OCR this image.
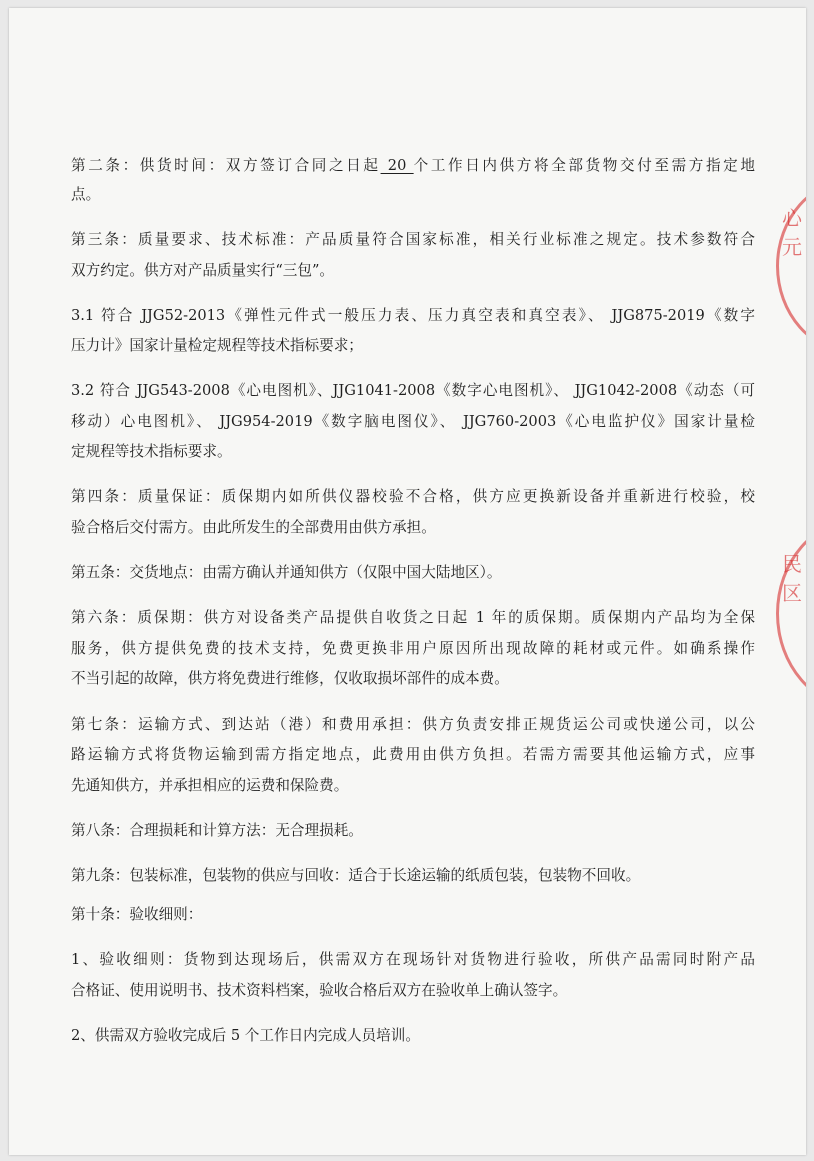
第二条：供货时间：双方签订合同之日起 20 个工作日内供方将全部货物交付至需方指定地
点。
第三条：质量要求、技术标准：产品质量符合国家标准，相关行业标准之规定。技术参数符合
双方约定。供方对产品质量实行“三包”。
3.1 符合 JJG52-2013《弹性元件式一般压力表、压力真空表和真空表》、 JJG875-2019《数字
压力计》国家计量检定规程等技术指标要求；
3.2 符合 JJG543-2008《心电图机》、JJG1041-2008《数字心电图机》、 JJG1042-2008《动态（可
移动）心电图机》、 JJG954-2019《数字脑电图仪》、 JJG760-2003《心电监护仪》国家计量检
定规程等技术指标要求。
第四条：质量保证：质保期内如所供仪器校验不合格，供方应更换新设备并重新进行校验，校
验合格后交付需方。由此所发生的全部费用由供方承担。
第五条：交货地点：由需方确认并通知供方（仅限中国大陆地区）。
第六条：质保期：供方对设备类产品提供自收货之日起 1 年的质保期。质保期内产品均为全保
服务，供方提供免费的技术支持，免费更换非用户原因所出现故障的耗材或元件。如确系操作
不当引起的故障，供方将免费进行维修，仅收取损坏部件的成本费。
第七条：运输方式、到达站（港）和费用承担：供方负责安排正规货运公司或快递公司，以公
路运输方式将货物运输到需方指定地点，此费用由供方负担。若需方需要其他运输方式，应事
先通知供方，并承担相应的运费和保险费。
第八条：合理损耗和计算方法：无合理损耗。
第九条：包装标准，包装物的供应与回收：适合于长途运输的纸质包装，包装物不回收。
第十条：验收细则：
1、验收细则：货物到达现场后，供需双方在现场针对货物进行验收，所供产品需同时附产品
合格证、使用说明书、技术资料档案，验收合格后双方在验收单上确认签字。
2、供需双方验收完成后 5 个工作日内完成人员培训。
心 元
民 区
